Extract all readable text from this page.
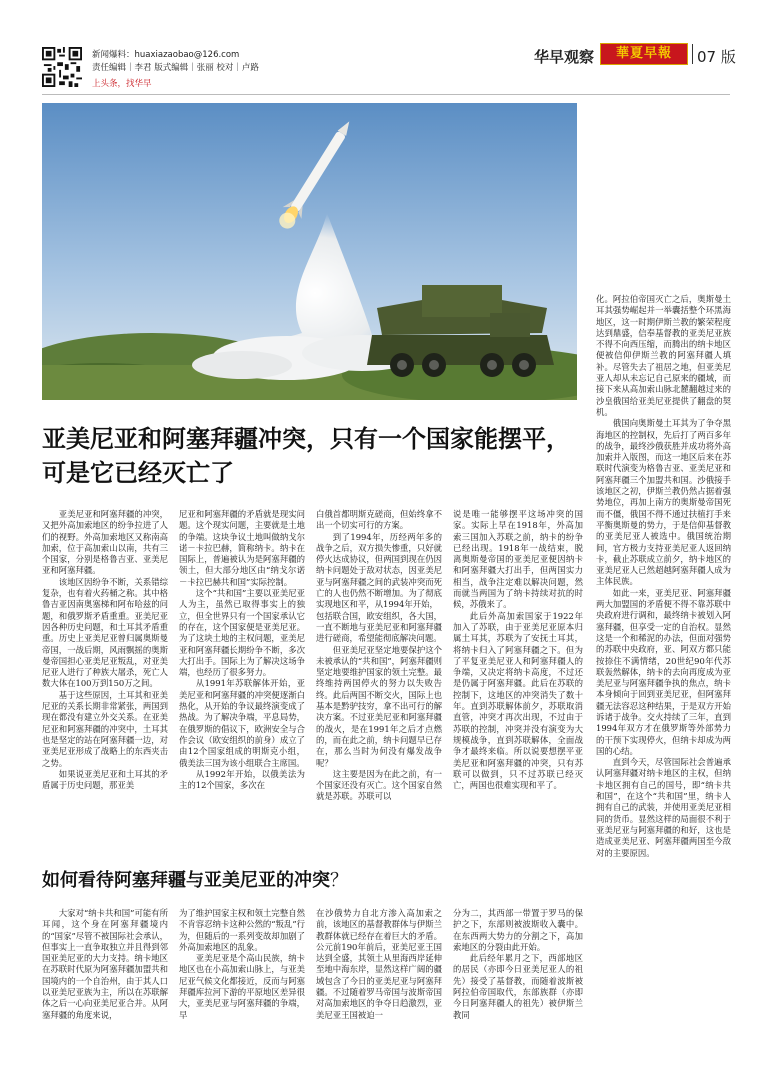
新闻爆料：huaxiazaobao@126.com
责任编辑｜李君 版式编辑｜张丽 校对｜卢路
上头条，找华早
华早观察	華夏早報	07 版

化。阿拉伯帝国灭亡之后，奥斯曼土耳其强势崛起并一举囊括整个环黑海地区，这一时期伊斯兰教的繁荣程度达到鼎盛，信奉基督教的亚美尼亚族不得不向西压缩，而腾出的纳卡地区便被信仰伊斯兰教的阿塞拜疆人填补。尽管失去了祖居之地，但亚美尼亚人却从未忘记自己原来的疆域，而接下来从高加索山脉北麓翻越过来的沙皇俄国给亚美尼亚提供了翻盘的契机。

俄国向奥斯曼土耳其为了争夺黑海地区的控制权，先后打了两百多年的战争，最终沙俄获胜并成功将外高加索并入版图，而这一地区后来在苏联时代演变为格鲁吉亚、亚美尼亚和阿塞拜疆三个加盟共和国。沙俄接手该地区之初，伊斯兰教仍然占据着强势地位，再加上南方的奥斯曼帝国死而不僵，俄国不得不通过扶植打手来平衡奥斯曼的势力，于是信仰基督教的亚美尼亚人被选中。俄国统治期间，官方极力支持亚美尼亚人返回纳卡，截止苏联成立前夕，纳卡地区的亚美尼亚人已然超越阿塞拜疆人成为主体民族。

如此一来，亚美尼亚、阿塞拜疆两大加盟国的矛盾便不得不靠苏联中央政府进行调和，最终纳卡被划入阿塞拜疆，但享受一定的自治权。显然这是一个和稀泥的办法，但面对强势的苏联中央政府，亚、阿双方都只能按捺住不满情绪，20世纪90年代苏联轰然解体，纳卡的去向再度成为亚美尼亚与阿塞拜疆争执的焦点，纳卡本身倾向于回到亚美尼亚，但阿塞拜疆无法容忍这种结果，于是双方开始诉诸于战争。交火持续了三年，直到1994年双方才在俄罗斯等外部势力的干预下实现停火，但纳卡却成为两国的心结。

直到今天，尽管国际社会普遍承认阿塞拜疆对纳卡地区的主权，但纳卡地区拥有自己的国号，即“纳卡共和国”，在这个“共和国”里，纳卡人拥有自己的武装，并使用亚美尼亚相同的货币。显然这样的局面很不利于亚美尼亚与阿塞拜疆的和好，这也是造成亚美尼亚、阿塞拜疆两国至今敌对的主要原因。

亚美尼亚和阿塞拜疆冲突，只有一个国家能摆平，可是它已经灭亡了

亚美尼亚和阿塞拜疆的冲突，又把外高加索地区的纷争拉进了人们的视野。外高加索地区又称南高加索，位于高加索山以南，共有三个国家，分别是格鲁吉亚、亚美尼亚和阿塞拜疆。

该地区因纷争不断，关系错综复杂，也有着火药桶之称。其中格鲁吉亚因南奥塞梯和阿布哈兹的问题，和俄罗斯矛盾重重。亚美尼亚因各种历史问题，和土耳其矛盾重重。历史上亚美尼亚曾归属奥斯曼帝国，一战后期，风雨飘摇的奥斯曼帝国担心亚美尼亚叛乱，对亚美尼亚人进行了种族大屠杀，死亡人数大体在100万到150万之间。

基于这些原因，土耳其和亚美尼亚的关系长期非常紧张，两国到现在都没有建立外交关系。在亚美尼亚和阿塞拜疆的冲突中，土耳其也是坚定的站在阿塞拜疆一边，对亚美尼亚形成了战略上的东西夹击之势。

如果说亚美尼亚和土耳其的矛盾属于历史问题，那亚美

尼亚和阿塞拜疆的矛盾就是现实问题。这个现实问题，主要就是土地的争端。这块争议土地叫做纳戈尔诺－卡拉巴赫，简称纳卡。纳卡在国际上，普遍被认为是阿塞拜疆的领土，但大部分地区由“纳戈尔诺－卡拉巴赫共和国”实际控制。

这个“共和国”主要以亚美尼亚人为主，虽然已取得事实上的独立，但全世界只有一个国家承认它的存在，这个国家便是亚美尼亚。为了这块土地的主权问题，亚美尼亚和阿塞拜疆长期纷争不断，多次大打出手。国际上为了解决这场争端，也经历了很多努力。

从1991年苏联解体开始，亚美尼亚和阿塞拜疆的冲突便逐渐白热化，从开始的争议最终演变成了热战。为了解决争端，平息局势，在俄罗斯的倡议下，欧洲安全与合作会议（欧安组织的前身）成立了由12个国家组成的明斯克小组，俄美法三国为该小组联合主席国。

从1992年开始，以俄美法为主的12个国家，多次在

白俄首都明斯克磋商，但始终拿不出一个切实可行的方案。

到了1994年，历经两年多的战争之后，双方损失惨重，只好就停火达成协议，但两国到现在仍因纳卡问题处于敌对状态，因亚美尼亚与阿塞拜疆之间的武装冲突而死亡的人也仍然不断增加。为了彻底实现地区和平，从1994年开始，

包括联合国，欧安组织，各大国，一直不断地与亚美尼亚和阿塞拜疆进行磋商，希望能彻底解决问题。

但亚美尼亚坚定地要保护这个未被承认的“共和国”，阿塞拜疆则坚定地要维护国家的领土完整。最终维持两国停火的努力以失败告终。此后两国不断交火，国际上也基本是黔驴技穷，拿不出可行的解决方案。不过亚美尼亚和阿塞拜疆的战火，是在1991年之后才点燃的，而在此之前，纳卡问题早已存在，那么当时为何没有爆发战争呢？

这主要是因为在此之前，有一个国家还没有灭亡。这个国家自然就是苏联。苏联可以

说是唯一能够摆平这场冲突的国家。实际上早在1918年，外高加索三国加入苏联之前，纳卡的纷争已经出现。1918年一战结束，脱离奥斯曼帝国的亚美尼亚便因纳卡和阿塞拜疆大打出手，但两国实力相当，战争注定难以解决问题，然而就当两国为了纳卡持续对抗的时候，苏俄来了。

此后外高加索国家于1922年加入了苏联，由于亚美尼亚原本归属土耳其，苏联为了安抚土耳其，将纳卡归入了阿塞拜疆之下。但为了平复亚美尼亚人和阿塞拜疆人的争端，又决定将纳卡高度，不过还是仍属于阿塞拜疆。此后在苏联的控制下，这地区的冲突消失了数十年。直到苏联解体前夕，苏联取消直管，冲突才再次出现，不过由于苏联的控制，冲突并没有演变为大规模战争，直到苏联解体，全面战争才最终来临。所以说要想摆平亚美尼亚和阿塞拜疆的冲突，只有苏联可以做到，只不过苏联已经灭亡，两国也很难实现和平了。

如何看待阿塞拜疆与亚美尼亚的冲突？

大家对“纳卡共和国”可能有所耳闻，这个身在阿塞拜疆境内的“国家”尽管不被国际社会承认，但事实上一直争取独立并且得到邻国亚美尼亚的大力支持。纳卡地区在苏联时代原为阿塞拜疆加盟共和国境内的一个自治州，由于其人口以亚美尼亚族为主，所以在苏联解体之后一心向亚美尼亚合并。从阿塞拜疆的角度来说，

为了维护国家主权和领土完整自然不肯容忍纳卡这种公然的“叛乱”行为，但随后的一系列变故却加剧了外高加索地区的乱象。

亚美尼亚是个高山民族，纳卡地区也在小高加索山脉上，与亚美尼亚气候文化都接近，反而与阿塞拜疆库拉河下游的平原地区差异很大，亚美尼亚与阿塞拜疆的争端，早

在沙俄势力自北方渗入高加索之前，该地区的基督教群体与伊斯兰教群体就已经存在着巨大的矛盾。公元前190年前后，亚美尼亚王国达到全盛，其领土从里海西岸延伸至地中海东岸，显然这样广阔的疆域包含了今日的亚美尼亚与阿塞拜疆。不过随着罗马帝国与波斯帝国对高加索地区的争夺日趋激烈，亚美尼亚王国被迫一

分为二，其西部一带置于罗马的保护之下，东部则被波斯收入囊中。在东西两大势力的分割之下，高加索地区的分裂由此开始。

此后经年累月之下，西部地区的居民（亦即今日亚美尼亚人的祖先）接受了基督教，而随着波斯被阿拉伯帝国取代，东部族群（亦即今日阿塞拜疆人的祖先）被伊斯兰教同
